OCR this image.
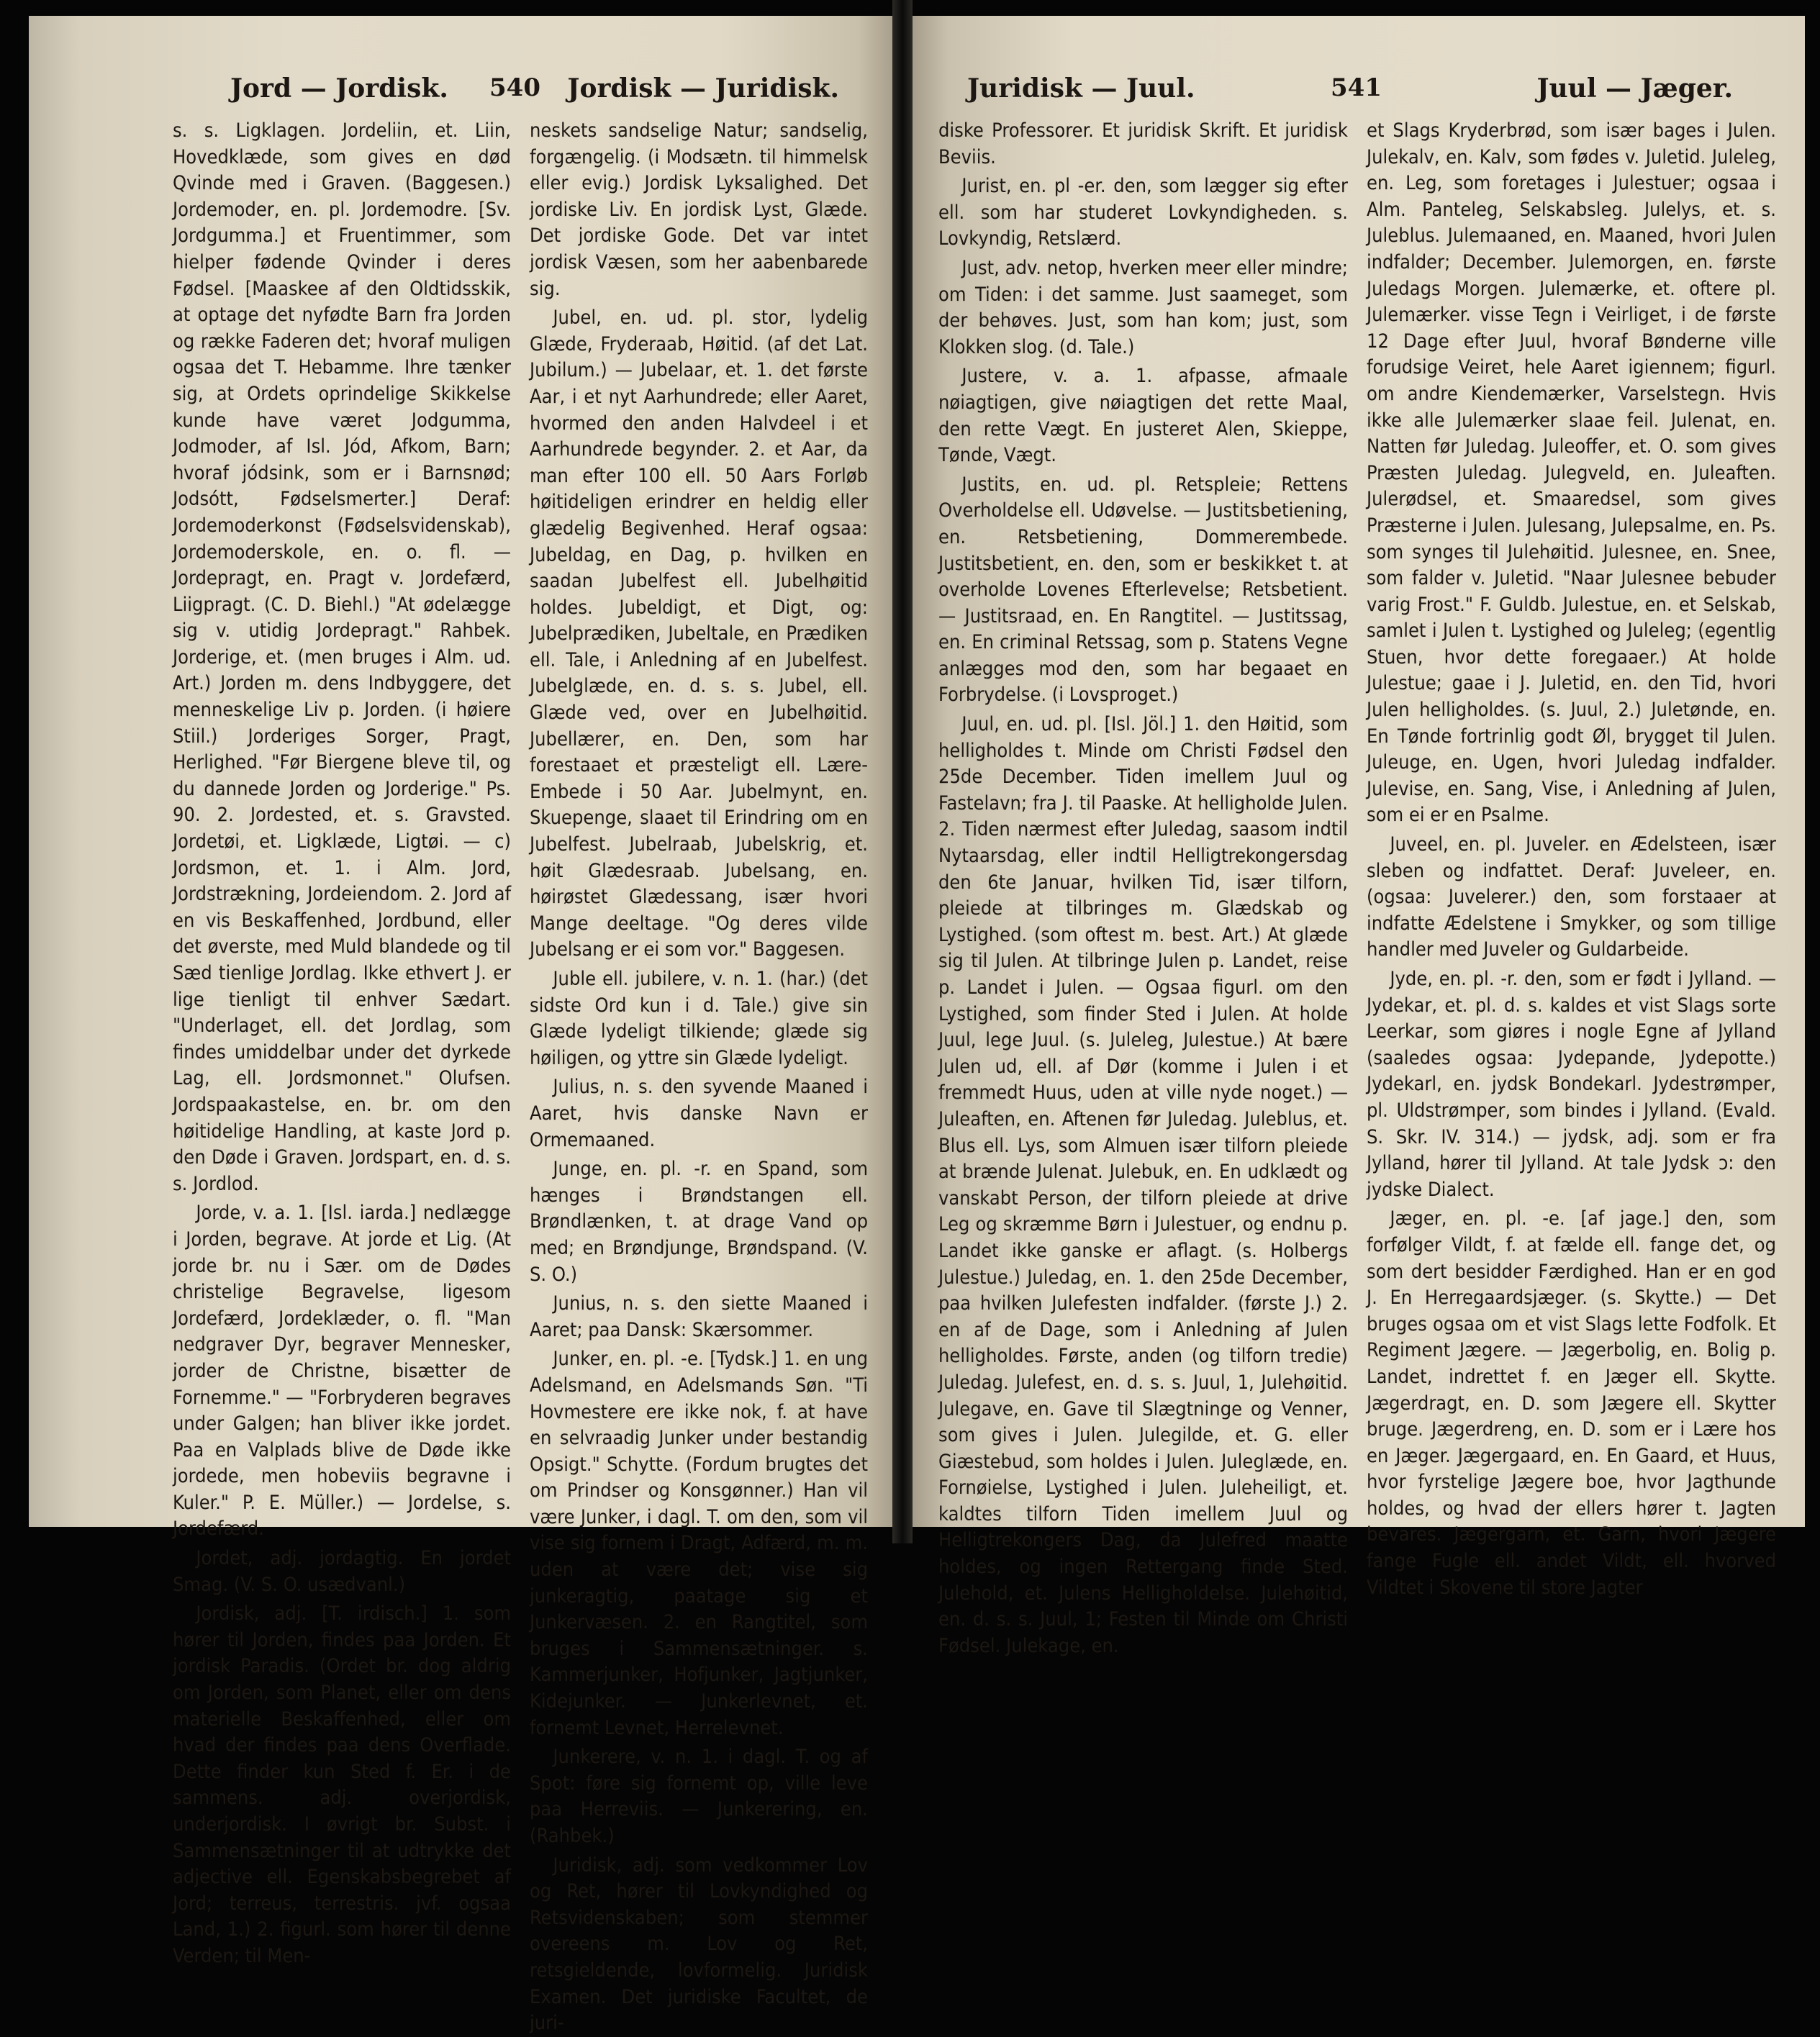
Jord — Jordisk. 540 Jordisk — Juridisk.

s. s. Ligklagen. Jordeliin, et. Liin, Hovedklæde, som gives en død Qvinde med i Graven. (Baggesen.) Jordemoder, en. pl. Jordemodre. [Sv. Jordgumma.] et Fruentimmer, som hielper fødende Qvinder i deres Fødsel. [Maaskee af den Oldtidsskik, at optage det nyfødte Barn fra Jorden og række Faderen det; hvoraf muligen ogsaa det T. Hebamme. Ihre tænker sig, at Ordets oprindelige Skikkelse kunde have været Jodgumma, Jodmoder, af Isl. Jód, Afkom, Barn; hvoraf jódsink, som er i Barnsnød; Jodsótt, Fødselsmerter.] Deraf: Jordemoderkonst (Fødselsvidenskab), Jordemoderskole, en. o. fl. — Jordepragt, en. Pragt v. Jordefærd, Liigpragt. (C. D. Biehl.) "At ødelægge sig v. utidig Jordepragt." Rahbek. Jorderige, et. (men bruges i Alm. ud. Art.) Jorden m. dens Indbyggere, det menneskelige Liv p. Jorden. (i høiere Stiil.) Jorderiges Sorger, Pragt, Herlighed. "Før Biergene bleve til, og du dannede Jorden og Jorderige." Ps. 90. 2. Jordested, et. s. Gravsted. Jordetøi, et. Ligklæde, Ligtøi. — c) Jordsmon, et. 1. i Alm. Jord, Jordstrækning, Jordeiendom. 2. Jord af en vis Beskaffenhed, Jordbund, eller det øverste, med Muld blandede og til Sæd tienlige Jordlag. Ikke ethvert J. er lige tienligt til enhver Sædart. "Underlaget, ell. det Jordlag, som findes umiddelbar under det dyrkede Lag, ell. Jordsmonnet." Olufsen. Jordspaakastelse, en. br. om den høitidelige Handling, at kaste Jord p. den Døde i Graven. Jordspart, en. d. s. s. Jordlod.

Jorde, v. a. 1. [Isl. iarda.] nedlægge i Jorden, begrave. At jorde et Lig. (At jorde br. nu i Sær. om de Dødes christelige Begravelse, ligesom Jordefærd, Jordeklæder, o. fl. "Man nedgraver Dyr, begraver Mennesker, jorder de Christne, bisætter de Fornemme." — "Forbryderen begraves under Galgen; han bliver ikke jordet. Paa en Valplads blive de Døde ikke jordede, men hobeviis begravne i Kuler." P. E. Müller.) — Jordelse, s. Jordefærd.

Jordet, adj. jordagtig. En jordet Smag. (V. S. O. usædvanl.)

Jordisk, adj. [T. irdisch.] 1. som hører til Jorden, findes paa Jorden. Et jordisk Paradis. (Ordet br. dog aldrig om Jorden, som Planet, eller om dens materielle Beskaffenhed, eller om hvad der findes paa dens Overflade. Dette finder kun Sted f. Er. i de sammens. adj. overjordisk, underjordisk. I øvrigt br. Subst. i Sammensætninger til at udtrykke det adjective ell. Egenskabsbegrebet af Jord; terreus, terrestris. jvf. ogsaa Land, 1.) 2. figurl. som hører til denne Verden; til Men-

neskets sandselige Natur; sandselig, forgængelig. (i Modsætn. til himmelsk eller evig.) Jordisk Lyksalighed. Det jordiske Liv. En jordisk Lyst, Glæde. Det jordiske Gode. Det var intet jordisk Væsen, som her aabenbarede sig.

Jubel, en. ud. pl. stor, lydelig Glæde, Fryderaab, Høitid. (af det Lat. Jubilum.) — Jubelaar, et. 1. det første Aar, i et nyt Aarhundrede; eller Aaret, hvormed den anden Halvdeel i et Aarhundrede begynder. 2. et Aar, da man efter 100 ell. 50 Aars Forløb høitideligen erindrer en heldig eller glædelig Begivenhed. Heraf ogsaa: Jubeldag, en Dag, p. hvilken en saadan Jubelfest ell. Jubelhøitid holdes. Jubeldigt, et Digt, og: Jubelprædiken, Jubeltale, en Prædiken ell. Tale, i Anledning af en Jubelfest. Jubelglæde, en. d. s. s. Jubel, ell. Glæde ved, over en Jubelhøitid. Jubellærer, en. Den, som har forestaaet et præsteligt ell. Lære-Embede i 50 Aar. Jubelmynt, en. Skuepenge, slaaet til Erindring om en Jubelfest. Jubelraab, Jubelskrig, et. høit Glædesraab. Jubelsang, en. høirøstet Glædessang, især hvori Mange deeltage. "Og deres vilde Jubelsang er ei som vor." Baggesen.

Juble ell. jubilere, v. n. 1. (har.) (det sidste Ord kun i d. Tale.) give sin Glæde lydeligt tilkiende; glæde sig høiligen, og yttre sin Glæde lydeligt.

Julius, n. s. den syvende Maaned i Aaret, hvis danske Navn er Ormemaaned.

Junge, en. pl. -r. en Spand, som hænges i Brøndstangen ell. Brøndlænken, t. at drage Vand op med; en Brøndjunge, Brøndspand. (V. S. O.)

Junius, n. s. den siette Maaned i Aaret; paa Dansk: Skærsommer.

Junker, en. pl. -e. [Tydsk.] 1. en ung Adelsmand, en Adelsmands Søn. "Ti Hovmestere ere ikke nok, f. at have en selvraadig Junker under bestandig Opsigt." Schytte. (Fordum brugtes det om Prindser og Konsgønner.) Han vil være Junker, i dagl. T. om den, som vil vise sig fornem i Dragt, Adfærd, m. m. uden at være det; vise sig junkeragtig, paatage sig et Junkervæsen. 2. en Rangtitel, som bruges i Sammensætninger. s. Kammerjunker, Hofjunker, Jagtjunker, Kidejunker. — Junkerlevnet, et. fornemt Levnet, Herrelevnet.

Junkerere, v. n. 1. i dagl. T. og af Spot: føre sig fornemt op, ville leve paa Herreviis. — Junkerering, en. (Rahbek.)

Juridisk, adj. som vedkommer Lov og Ret, hører til Lovkyndighed og Retsvidenskaben; som stemmer overeens m. Lov og Ret, retsgieldende, lovformelig. Juridisk Examen. Det juridiske Facultet, de juri-

Juridisk — Juul.	541	Juul — Jæger.

diske Professorer. Et juridisk Skrift. Et juridisk Beviis.

Jurist, en. pl -er. den, som lægger sig efter ell. som har studeret Lovkyndigheden. s. Lovkyndig, Retslærd.

Just, adv. netop, hverken meer eller mindre; om Tiden: i det samme. Just saameget, som der behøves. Just, som han kom; just, som Klokken slog. (d. Tale.)

Justere, v. a. 1. afpasse, afmaale nøiagtigen, give nøiagtigen det rette Maal, den rette Vægt. En justeret Alen, Skieppe, Tønde, Vægt.

Justits, en. ud. pl. Retspleie; Rettens Overholdelse ell. Udøvelse. — Justitsbetiening, en. Retsbetiening, Dommerembede. Justitsbetient, en. den, som er beskikket t. at overholde Lovenes Efterlevelse; Retsbetient. — Justitsraad, en. En Rangtitel. — Justitssag, en. En criminal Retssag, som p. Statens Vegne anlægges mod den, som har begaaet en Forbrydelse. (i Lovsproget.)

Juul, en. ud. pl. [Isl. Jöl.] 1. den Høitid, som helligholdes t. Minde om Christi Fødsel den 25de December. Tiden imellem Juul og Fastelavn; fra J. til Paaske. At helligholde Julen. 2. Tiden nærmest efter Juledag, saasom indtil Nytaarsdag, eller indtil Helligtrekongersdag den 6te Januar, hvilken Tid, især tilforn, pleiede at tilbringes m. Glædskab og Lystighed. (som oftest m. best. Art.) At glæde sig til Julen. At tilbringe Julen p. Landet, reise p. Landet i Julen. — Ogsaa figurl. om den Lystighed, som finder Sted i Julen. At holde Juul, lege Juul. (s. Juleleg, Julestue.) At bære Julen ud, ell. af Dør (komme i Julen i et fremmedt Huus, uden at ville nyde noget.) — Juleaften, en. Aftenen før Juledag. Juleblus, et. Blus ell. Lys, som Almuen især tilforn pleiede at brænde Julenat. Julebuk, en. En udklædt og vanskabt Person, der tilforn pleiede at drive Leg og skræmme Børn i Julestuer, og endnu p. Landet ikke ganske er aflagt. (s. Holbergs Julestue.) Juledag, en. 1. den 25de December, paa hvilken Julefesten indfalder. (første J.) 2. en af de Dage, som i Anledning af Julen helligholdes. Første, anden (og tilforn tredie) Juledag. Julefest, en. d. s. s. Juul, 1, Julehøitid. Julegave, en. Gave til Slægtninge og Venner, som gives i Julen. Julegilde, et. G. eller Giæstebud, som holdes i Julen. Juleglæde, en. Fornøielse, Lystighed i Julen. Juleheiligt, et. kaldtes tilforn Tiden imellem Juul og Helligtrekongers Dag, da Julefred maatte holdes, og ingen Rettergang finde Sted. Julehold, et. Julens Helligholdelse. Julehøitid, en. d. s. s. Juul, 1; Festen til Minde om Christi Fødsel. Julekage, en.

et Slags Kryderbrød, som især bages i Julen. Julekalv, en. Kalv, som fødes v. Juletid. Juleleg, en. Leg, som foretages i Julestuer; ogsaa i Alm. Panteleg, Selskabsleg. Julelys, et. s. Juleblus. Julemaaned, en. Maaned, hvori Julen indfalder; December. Julemorgen, en. første Juledags Morgen. Julemærke, et. oftere pl. Julemærker. visse Tegn i Veirliget, i de første 12 Dage efter Juul, hvoraf Bønderne ville forudsige Veiret, hele Aaret igiennem; figurl. om andre Kiendemærker, Varselstegn. Hvis ikke alle Julemærker slaae feil. Julenat, en. Natten før Juledag. Juleoffer, et. O. som gives Præsten Juledag. Julegveld, en. Juleaften. Julerødsel, et. Smaaredsel, som gives Præsterne i Julen. Julesang, Julepsalme, en. Ps. som synges til Julehøitid. Julesnee, en. Snee, som falder v. Juletid. "Naar Julesnee bebuder varig Frost." F. Guldb. Julestue, en. et Selskab, samlet i Julen t. Lystighed og Juleleg; (egentlig Stuen, hvor dette foregaaer.) At holde Julestue; gaae i J. Juletid, en. den Tid, hvori Julen helligholdes. (s. Juul, 2.) Juletønde, en. En Tønde fortrinlig godt Øl, brygget til Julen. Juleuge, en. Ugen, hvori Juledag indfalder. Julevise, en. Sang, Vise, i Anledning af Julen, som ei er en Psalme.

Juveel, en. pl. Juveler. en Ædelsteen, især sleben og indfattet. Deraf: Juveleer, en. (ogsaa: Juvelerer.) den, som forstaaer at indfatte Ædelstene i Smykker, og som tillige handler med Juveler og Guldarbeide.

Jyde, en. pl. -r. den, som er født i Jylland. — Jydekar, et. pl. d. s. kaldes et vist Slags sorte Leerkar, som giøres i nogle Egne af Jylland (saaledes ogsaa: Jydepande, Jydepotte.) Jydekarl, en. jydsk Bondekarl. Jydestrømper, pl. Uldstrømper, som bindes i Jylland. (Evald. S. Skr. IV. 314.) — jydsk, adj. som er fra Jylland, hører til Jylland. At tale Jydsk ɔ: den jydske Dialect.

Jæger, en. pl. -e. [af jage.] den, som forfølger Vildt, f. at fælde ell. fange det, og som dert besidder Færdighed. Han er en god J. En Herregaardsjæger. (s. Skytte.) — Det bruges ogsaa om et vist Slags lette Fodfolk. Et Regiment Jægere. — Jægerbolig, en. Bolig p. Landet, indrettet f. en Jæger ell. Skytte. Jægerdragt, en. D. som Jægere ell. Skytter bruge. Jægerdreng, en. D. som er i Lære hos en Jæger. Jægergaard, en. En Gaard, et Huus, hvor fyrstelige Jægere boe, hvor Jagthunde holdes, og hvad der ellers hører t. Jagten bevares. Jægergarn, et. Garn, hvori Jægere fange Fugle ell. andet Vildt, ell. hvorved Vildtet i Skovene til store Jagter
